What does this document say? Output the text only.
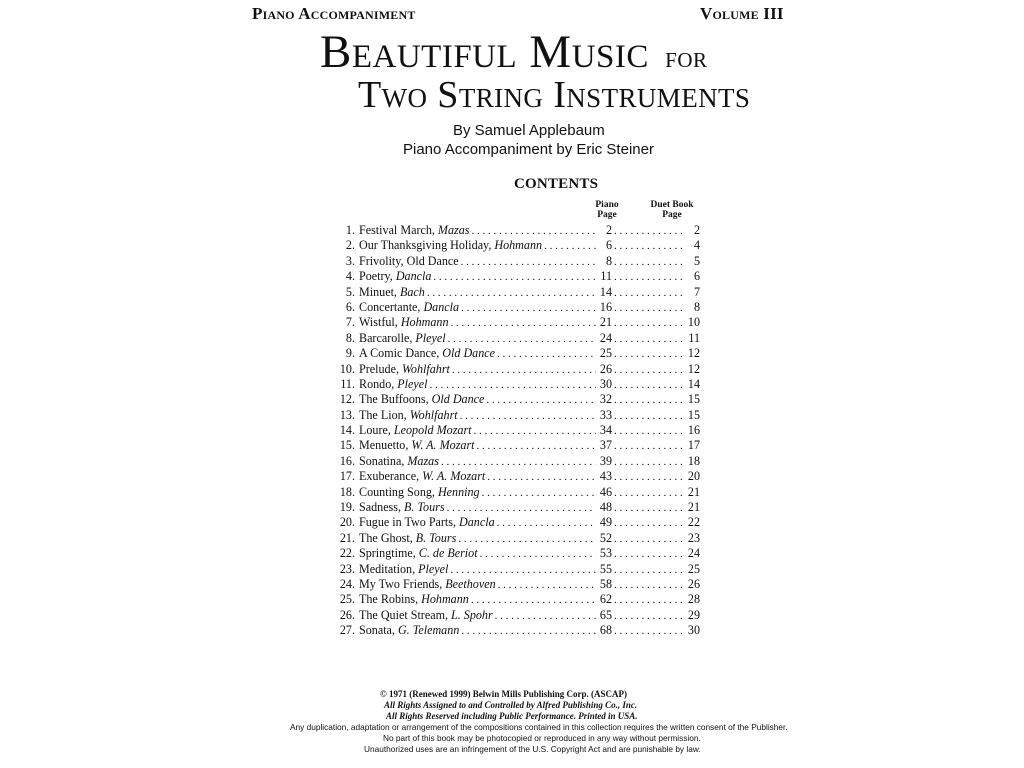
Piano Accompaniment	Volume III
Beautiful Music for
Two String Instruments
By Samuel Applebaum
Piano Accompaniment by Eric Steiner
CONTENTS
Piano
Page
Duet Book
Page
1. Festival March, Mazas . . .	2 . . .	2
2. Our Thanksgiving Holiday, Hohmann . . .	6 . . .	4
3. Frivolity, Old Dance . . .	8 . . .	5
4. Poetry, Dancla . . .	11 . . .	6
5. Minuet, Bach . . .	14 . . .	7
6. Concertante, Dancla . . .	16 . . .	8
7. Wistful, Hohmann . . .	21 . . .	10
8. Barcarolle, Pleyel . . .	24 . . .	11
9. A Comic Dance, Old Dance . . .	25 . . .	12
10. Prelude, Wohlfahrt . . .	26 . . .	12
11. Rondo, Pleyel . . .	30 . . .	14
12. The Buffoons, Old Dance . . .	32 . . .	15
13. The Lion, Wohlfahrt . . .	33 . . .	15
14. Loure, Leopold Mozart . . .	34 . . .	16
15. Menuetto, W. A. Mozart . . .	37 . . .	17
16. Sonatina, Mazas . . .	39 . . .	18
17. Exuberance, W. A. Mozart . . .	43 . . .	20
18. Counting Song, Henning . . .	46 . . .	21
19. Sadness, B. Tours . . .	48 . . .	21
20. Fugue in Two Parts, Dancla . . .	49 . . .	22
21. The Ghost, B. Tours . . .	52 . . .	23
22. Springtime, C. de Beriot . . .	53 . . .	24
23. Meditation, Pleyel . . .	55 . . .	25
24. My Two Friends, Beethoven . . .	58 . . .	26
25. The Robins, Hohmann . . .	62 . . .	28
26. The Quiet Stream, L. Spohr . . .	65 . . .	29
27. Sonata, G. Telemann . . .	68 . . .	30
© 1971 (Renewed 1999) Belwin Mills Publishing Corp. (ASCAP)
All Rights Assigned to and Controlled by Alfred Publishing Co., Inc.
All Rights Reserved including Public Performance. Printed in USA.
Any duplication, adaptation or arrangement of the compositions contained in this collection requires the written consent of the Publisher.
No part of this book may be photocopied or reproduced in any way without permission.
Unauthorized uses are an infringement of the U.S. Copyright Act and are punishable by law.
